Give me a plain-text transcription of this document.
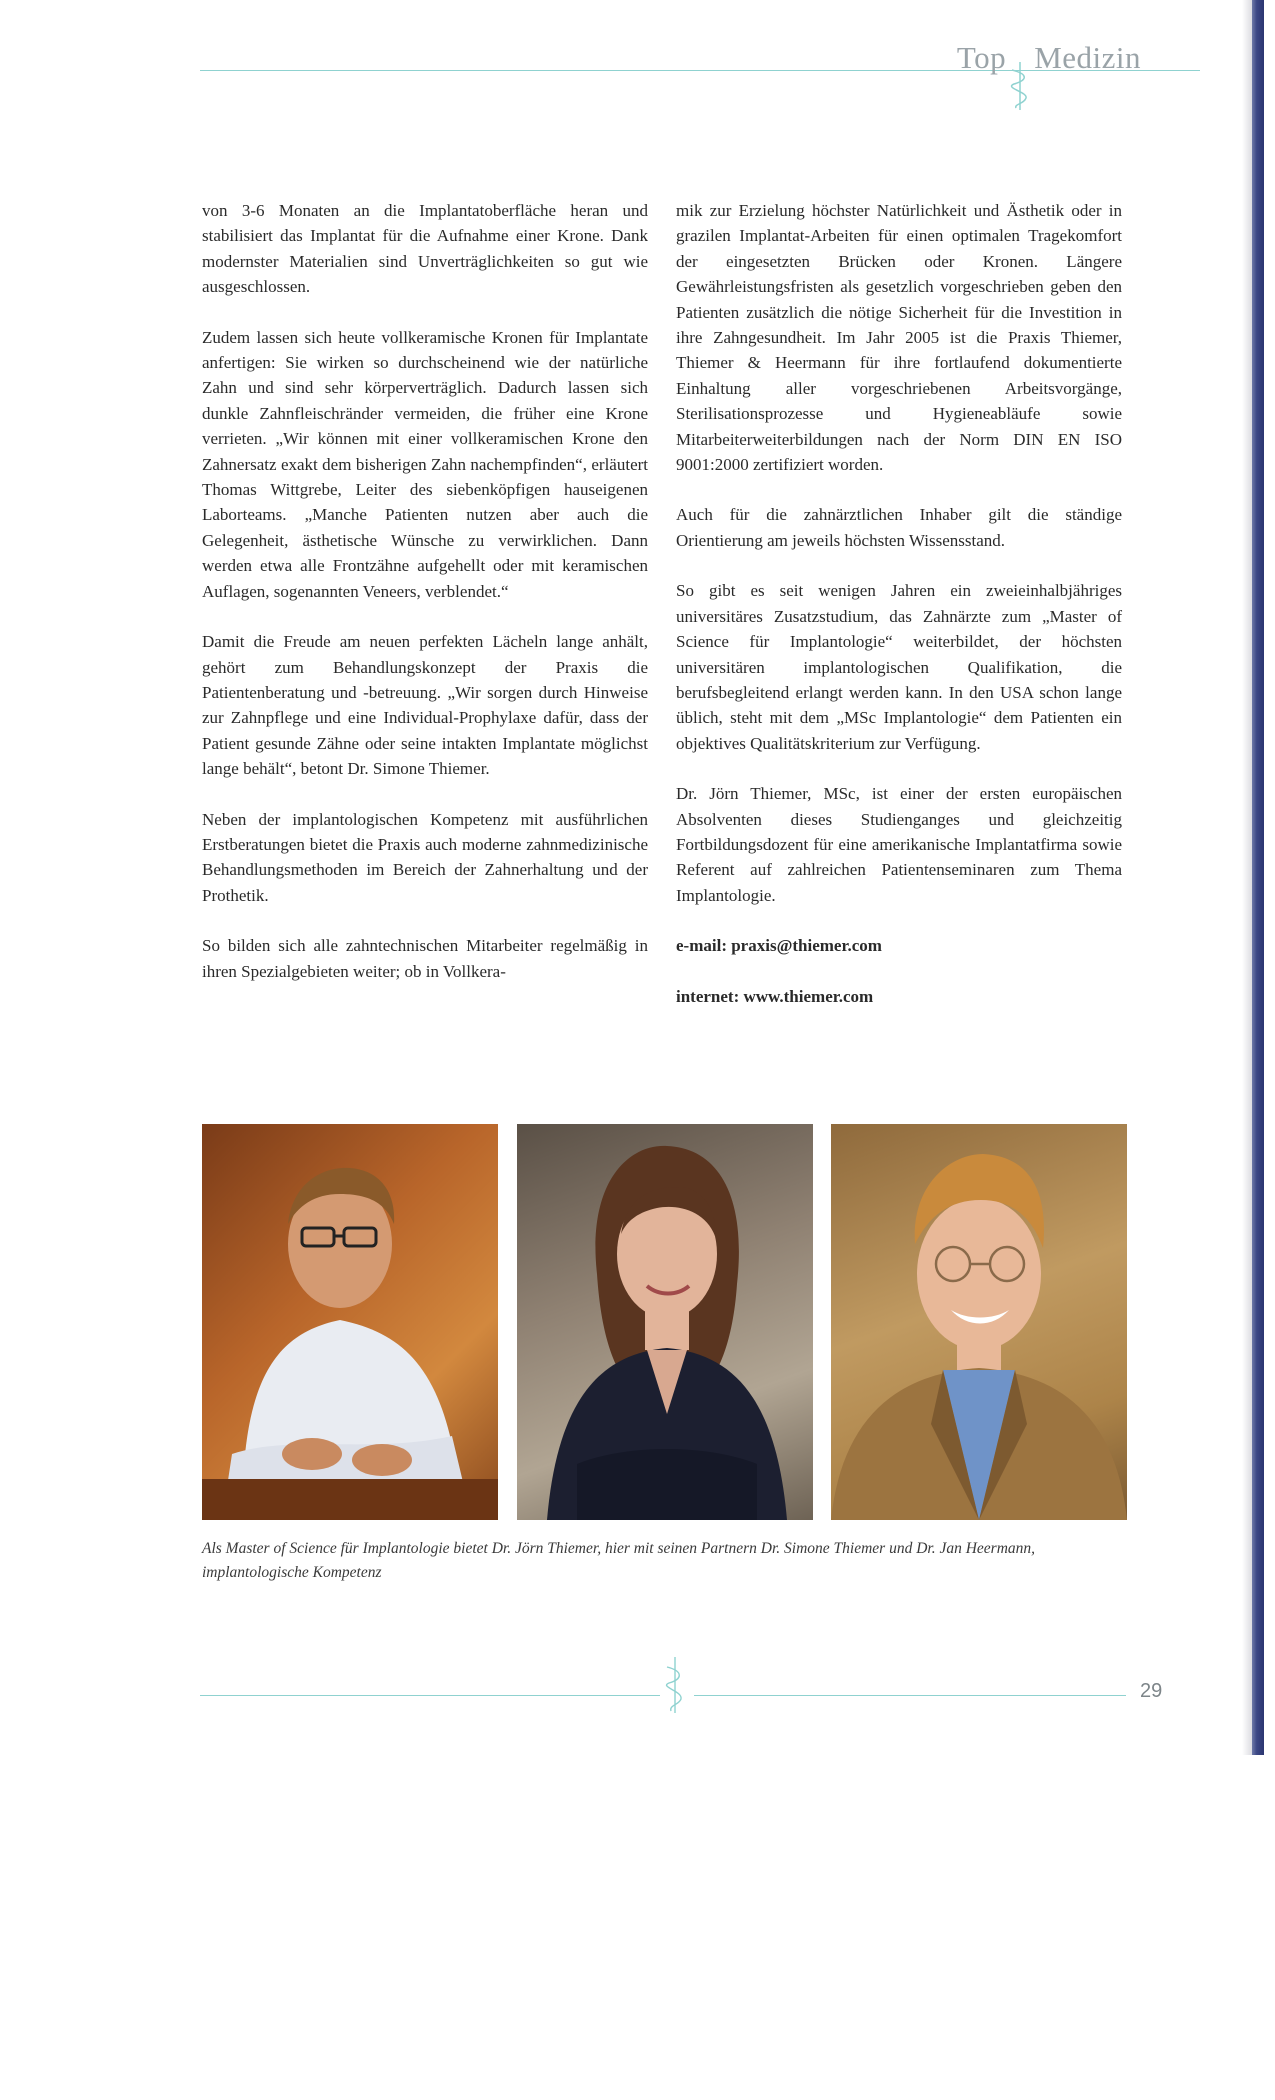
Top Medizin

von 3-6 Monaten an die Implantatoberfläche heran und stabilisiert das Implantat für die Aufnahme einer Krone. Dank modernster Materialien sind Unverträglichkeiten so gut wie ausgeschlossen.

Zudem lassen sich heute vollkeramische Kronen für Implantate anfertigen: Sie wirken so durchscheinend wie der natürliche Zahn und sind sehr körperverträglich. Dadurch lassen sich dunkle Zahnfleischränder vermeiden, die früher eine Krone verrieten. „Wir können mit einer vollkeramischen Krone den Zahnersatz exakt dem bisherigen Zahn nachempfinden“, erläutert Thomas Wittgrebe, Leiter des siebenköpfigen hauseigenen Laborteams. „Manche Patienten nutzen aber auch die Gelegenheit, ästhetische Wünsche zu verwirklichen. Dann werden etwa alle Frontzähne aufgehellt oder mit keramischen Auflagen, sogenannten Veneers, verblendet.“

Damit die Freude am neuen perfekten Lächeln lange anhält, gehört zum Behandlungskonzept der Praxis die Patientenberatung und -betreuung. „Wir sorgen durch Hinweise zur Zahnpflege und eine Individual-Prophylaxe dafür, dass der Patient gesunde Zähne oder seine intakten Implantate möglichst lange behält“, betont Dr. Simone Thiemer.

Neben der implantologischen Kompetenz mit ausführlichen Erstberatungen bietet die Praxis auch moderne zahnmedizinische Behandlungsmethoden im Bereich der Zahnerhaltung und der Prothetik.

So bilden sich alle zahntechnischen Mitarbeiter regelmäßig in ihren Spezialgebieten weiter; ob in Vollkera-

mik zur Erzielung höchster Natürlichkeit und Ästhetik oder in grazilen Implantat-Arbeiten für einen optimalen Tragekomfort der eingesetzten Brücken oder Kronen. Längere Gewährleistungsfristen als gesetzlich vorgeschrieben geben den Patienten zusätzlich die nötige Sicherheit für die Investition in ihre Zahngesundheit. Im Jahr 2005 ist die Praxis Thiemer, Thiemer & Heermann für ihre fortlaufend dokumentierte Einhaltung aller vorgeschriebenen Arbeitsvorgänge, Sterilisationsprozesse und Hygieneabläufe sowie Mitarbeiterweiterbildungen nach der Norm DIN EN ISO 9001:2000 zertifiziert worden.

Auch für die zahnärztlichen Inhaber gilt die ständige Orientierung am jeweils höchsten Wissensstand.

So gibt es seit wenigen Jahren ein zweieinhalbjähriges universitäres Zusatzstudium, das Zahnärzte zum „Master of Science für Implantologie“ weiterbildet, der höchsten universitären implantologischen Qualifikation, die berufsbegleitend erlangt werden kann. In den USA schon lange üblich, steht mit dem „MSc Implantologie“ dem Patienten ein objektives Qualitätskriterium zur Verfügung.

Dr. Jörn Thiemer, MSc, ist einer der ersten europäischen Absolventen dieses Studienganges und gleichzeitig Fortbildungsdozent für eine amerikanische Implantatfirma sowie Referent auf zahlreichen Patientenseminaren zum Thema Implantologie.

e-mail: praxis@thiemer.com

internet: www.thiemer.com

Als Master of Science für Implantologie bietet Dr. Jörn Thiemer, hier mit seinen Partnern Dr. Simone Thiemer und Dr. Jan Heermann, implantologische Kompetenz
29
